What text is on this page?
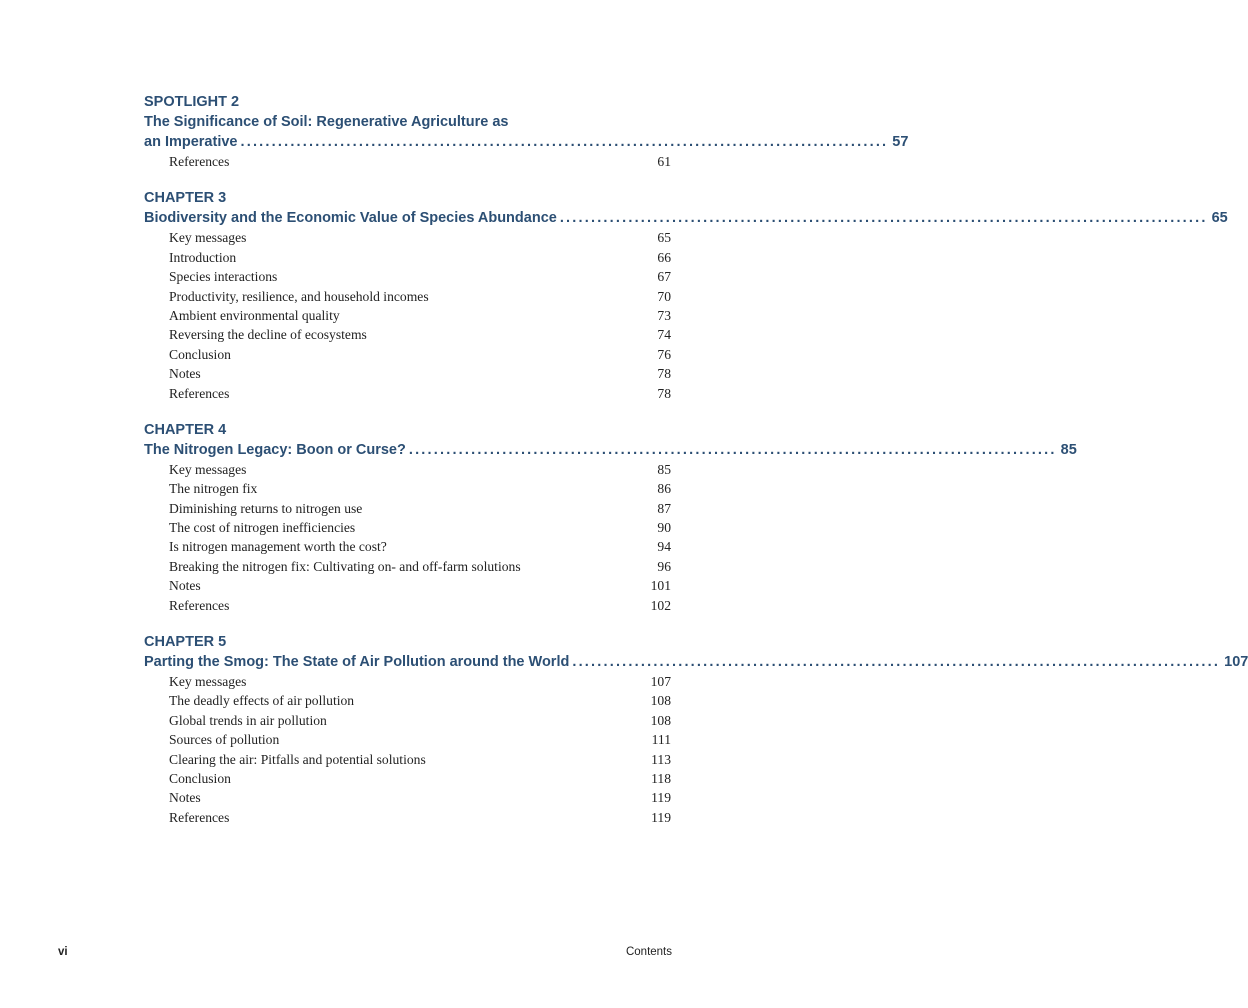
SPOTLIGHT 2
The Significance of Soil: Regenerative Agriculture as
an Imperative ........................................................................................................ 57
References	61
CHAPTER 3
Biodiversity and the Economic Value of Species Abundance ........................................................................................................ 65
Key messages	65
Introduction	66
Species interactions	67
Productivity, resilience, and household incomes	70
Ambient environmental quality	73
Reversing the decline of ecosystems	74
Conclusion	76
Notes	78
References	78
CHAPTER 4
The Nitrogen Legacy: Boon or Curse? ........................................................................................................ 85
Key messages	85
The nitrogen fix	86
Diminishing returns to nitrogen use	87
The cost of nitrogen inefficiencies	90
Is nitrogen management worth the cost?	94
Breaking the nitrogen fix: Cultivating on- and off-farm solutions	96
Notes	101
References	102
CHAPTER 5
Parting the Smog: The State of Air Pollution around the World ........................................................................................................ 107
Key messages	107
The deadly effects of air pollution	108
Global trends in air pollution	108
Sources of pollution	111
Clearing the air: Pitfalls and potential solutions	113
Conclusion	118
Notes	119
References	119
vi	Contents
